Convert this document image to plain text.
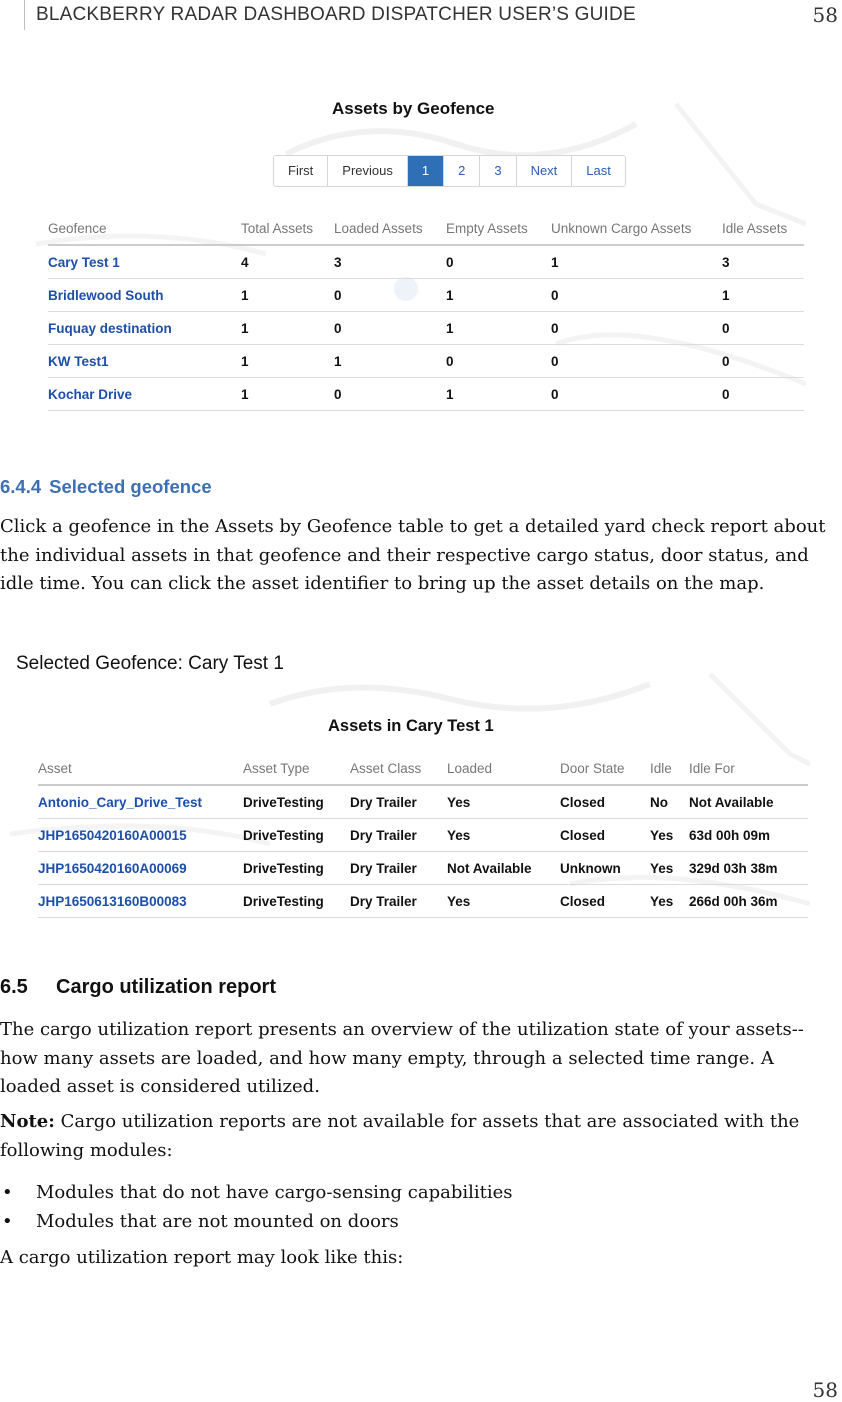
BLACKBERRY RADAR DASHBOARD DISPATCHER USER’S GUIDE	58
Assets by Geofence
First	Previous	1	2	3	Next	Last
Geofence	Total Assets	Loaded Assets	Empty Assets	Unknown Cargo Assets	Idle Assets
Cary Test 1	4	3	0	1	3
Bridlewood South	1	0	1	0	1
Fuquay destination	1	0	1	0	0
KW Test1	1	1	0	0	0
Kochar Drive	1	0	1	0	0
6.4.4 Selected geofence

Click a geofence in the Assets by Geofence table to get a detailed yard check report about the individual assets in that geofence and their respective cargo status, door status, and idle time. You can click the asset identifier to bring up the asset details on the map.

Selected Geofence: Cary Test 1
Assets in Cary Test 1
Asset	Asset Type	Asset Class	Loaded	Door State	Idle	Idle For
Antonio_Cary_Drive_Test	DriveTesting	Dry Trailer	Yes	Closed	No	Not Available
JHP1650420160A00015	DriveTesting	Dry Trailer	Yes	Closed	Yes	63d 00h 09m
JHP1650420160A00069	DriveTesting	Dry Trailer	Not Available	Unknown	Yes	329d 03h 38m
JHP1650613160B00083	DriveTesting	Dry Trailer	Yes	Closed	Yes	266d 00h 36m
6.5 Cargo utilization report

The cargo utilization report presents an overview of the utilization state of your assets--how many assets are loaded, and how many empty, through a selected time range. A loaded asset is considered utilized.

Note: Cargo utilization reports are not available for assets that are associated with the following modules:

• Modules that do not have cargo-sensing capabilities
• Modules that are not mounted on doors

A cargo utilization report may look like this:

58
